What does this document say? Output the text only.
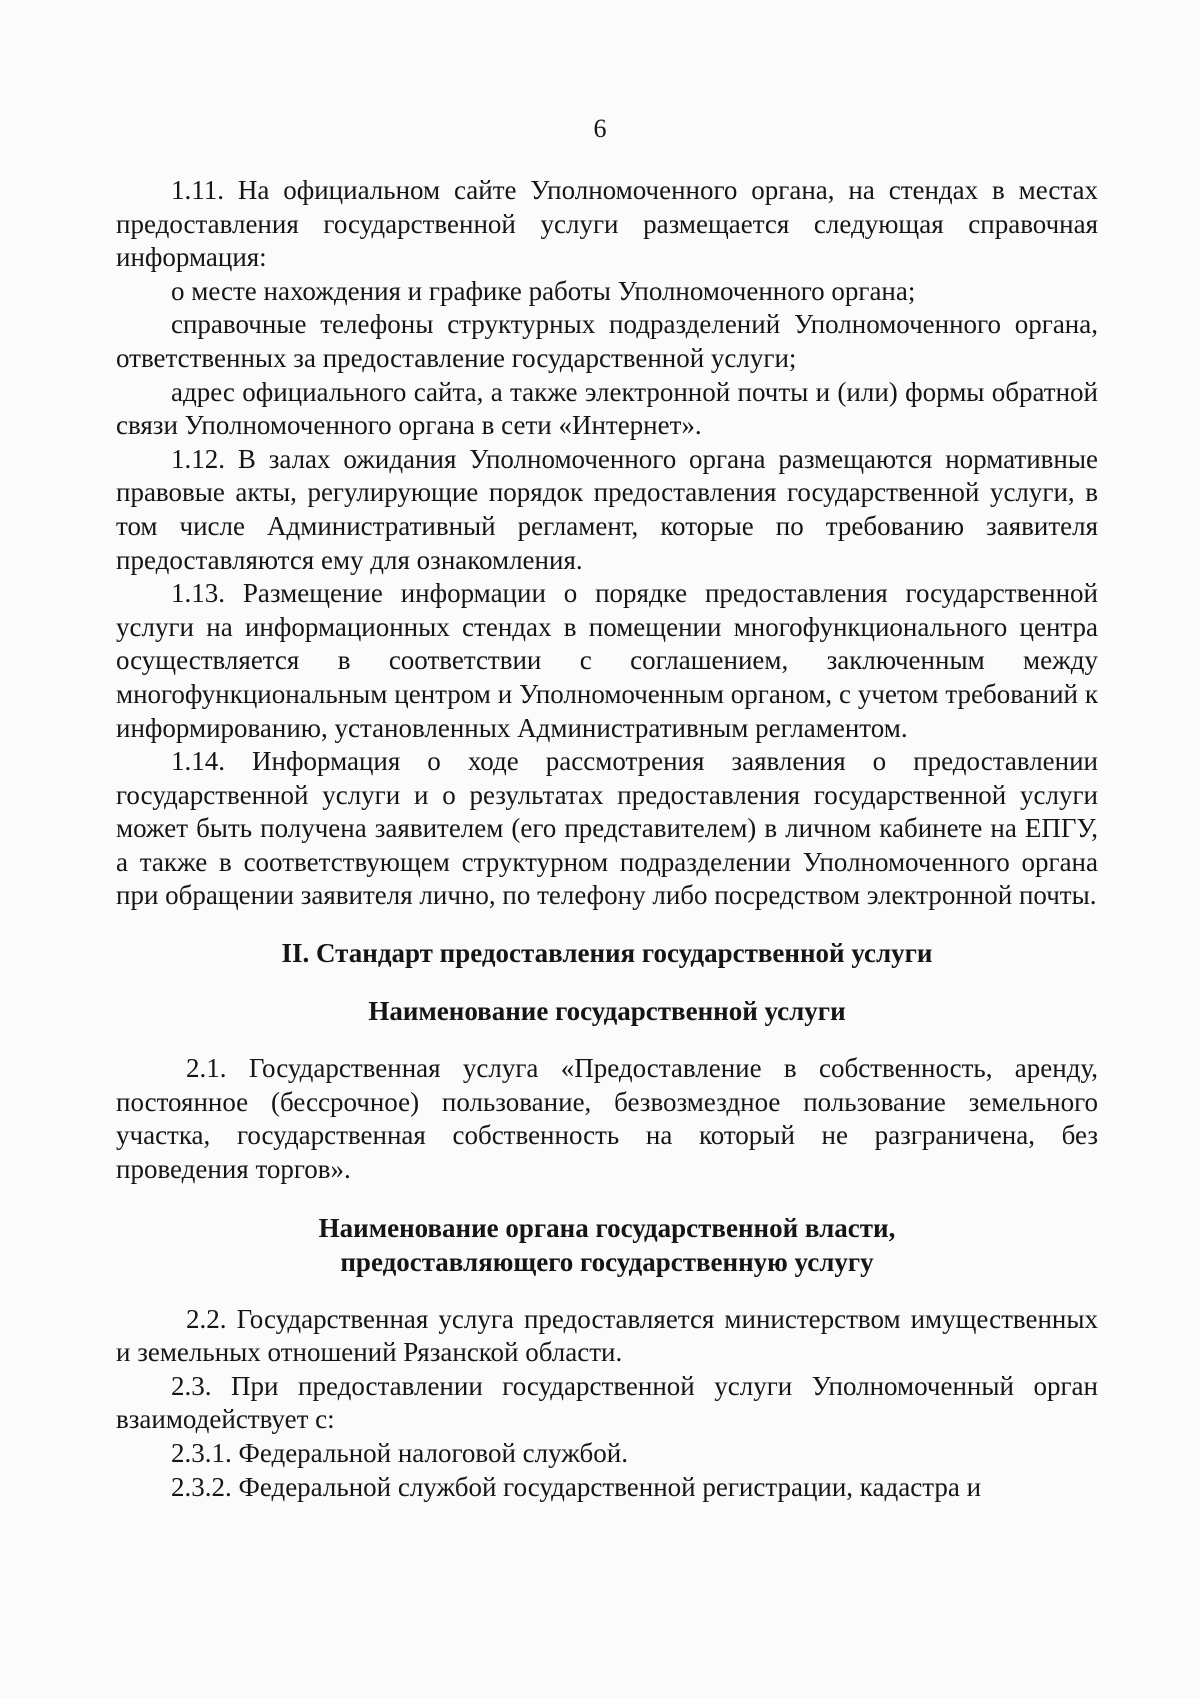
6

1.11. На официальном сайте Уполномоченного органа, на стендах в местах предоставления государственной услуги размещается следующая справочная информация:

о месте нахождения и графике работы Уполномоченного органа;

справочные телефоны структурных подразделений Уполномоченного органа, ответственных за предоставление государственной услуги;

адрес официального сайта, а также электронной почты и (или) формы обратной связи Уполномоченного органа в сети «Интернет».

1.12. В залах ожидания Уполномоченного органа размещаются нормативные правовые акты, регулирующие порядок предоставления государственной услуги, в том числе Административный регламент, которые по требованию заявителя предоставляются ему для ознакомления.

1.13. Размещение информации о порядке предоставления государственной услуги на информационных стендах в помещении многофункционального центра осуществляется в соответствии с соглашением, заключенным между многофункциональным центром и Уполномоченным органом, с учетом требований к информированию, установленных Административным регламентом.

1.14. Информация о ходе рассмотрения заявления о предоставлении государственной услуги и о результатах предоставления государственной услуги может быть получена заявителем (его представителем) в личном кабинете на ЕПГУ, а также в соответствующем структурном подразделении Уполномоченного органа при обращении заявителя лично, по телефону либо посредством электронной почты.

II. Стандарт предоставления государственной услуги

Наименование государственной услуги

2.1. Государственная услуга «Предоставление в собственность, аренду, постоянное (бессрочное) пользование, безвозмездное пользование земельного участка, государственная собственность на который не разграничена, без проведения торгов».

Наименование органа государственной власти,
предоставляющего государственную услугу

2.2. Государственная услуга предоставляется министерством имущественных и земельных отношений Рязанской области.

2.3. При предоставлении государственной услуги Уполномоченный орган взаимодействует с:

2.3.1. Федеральной налоговой службой.

2.3.2. Федеральной службой государственной регистрации, кадастра и
